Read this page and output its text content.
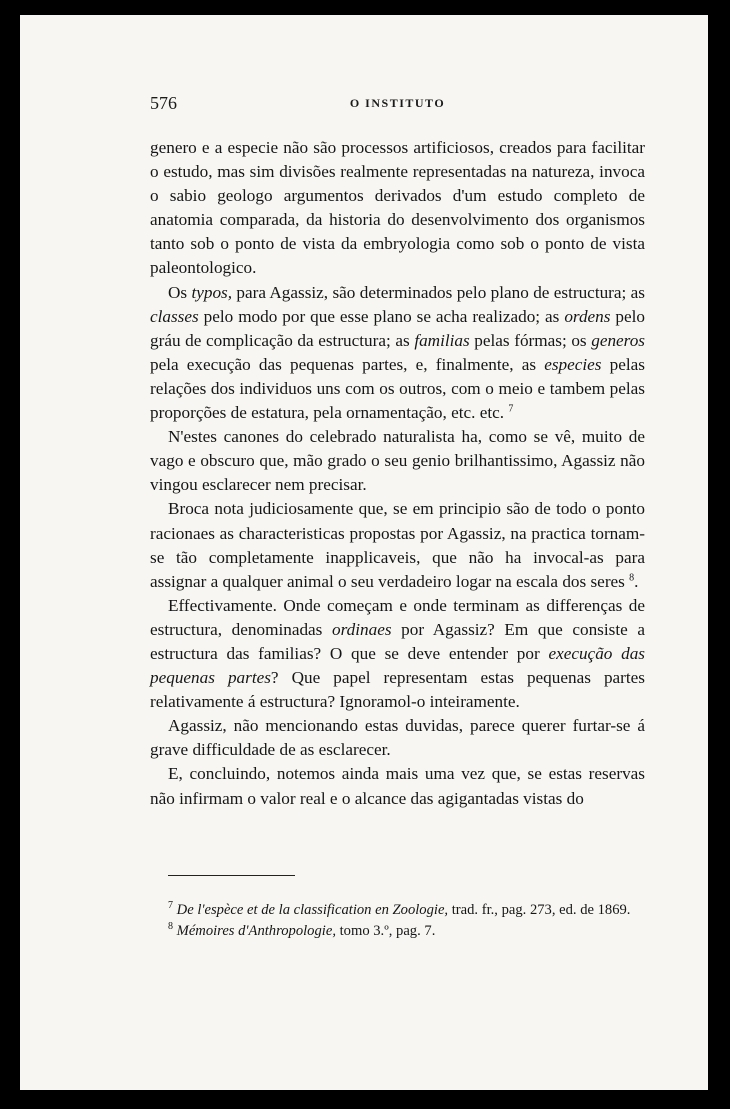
576	O INSTITUTO

genero e a especie não são processos artificiosos, creados para facilitar o estudo, mas sim divisões realmente representadas na natureza, invoca o sabio geologo argumentos derivados d'um estudo completo de anatomia comparada, da historia do desenvolvimento dos organismos tanto sob o ponto de vista da embryologia como sob o ponto de vista paleontologico.

Os typos, para Agassiz, são determinados pelo plano de estructura; as classes pelo modo por que esse plano se acha realizado; as ordens pelo gráu de complicação da estructura; as familias pelas fórmas; os generos pela execução das pequenas partes, e, finalmente, as especies pelas relações dos individuos uns com os outros, com o meio e tambem pelas proporções de estatura, pela ornamentação, etc. etc. $^7$

N'estes canones do celebrado naturalista ha, como se vê, muito de vago e obscuro que, mão grado o seu genio brilhantissimo, Agassiz não vingou esclarecer nem precisar.

Broca nota judiciosamente que, se em principio são de todo o ponto racionaes as characteristicas propostas por Agassiz, na practica tornam-se tão completamente inapplicaveis, que não ha invocal-as para assignar a qualquer animal o seu verdadeiro logar na escala dos seres $^8$.

Effectivamente. Onde começam e onde terminam as differenças de estructura, denominadas ordinaes por Agassiz? Em que consiste a estructura das familias? O que se deve entender por execução das pequenas partes? Que papel representam estas pequenas partes relativamente á estructura? Ignoramol-o inteiramente.

Agassiz, não mencionando estas duvidas, parece querer furtar-se á grave difficuldade de as esclarecer.

E, concluindo, notemos ainda mais uma vez que, se estas reservas não infirmam o valor real e o alcance das agigantadas vistas do

$^7$ De l'espèce et de la classification en Zoologie, trad. fr., pag. 273, ed. de 1869.

$^8$ Mémoires d'Anthropologie, tomo 3.º, pag. 7.
